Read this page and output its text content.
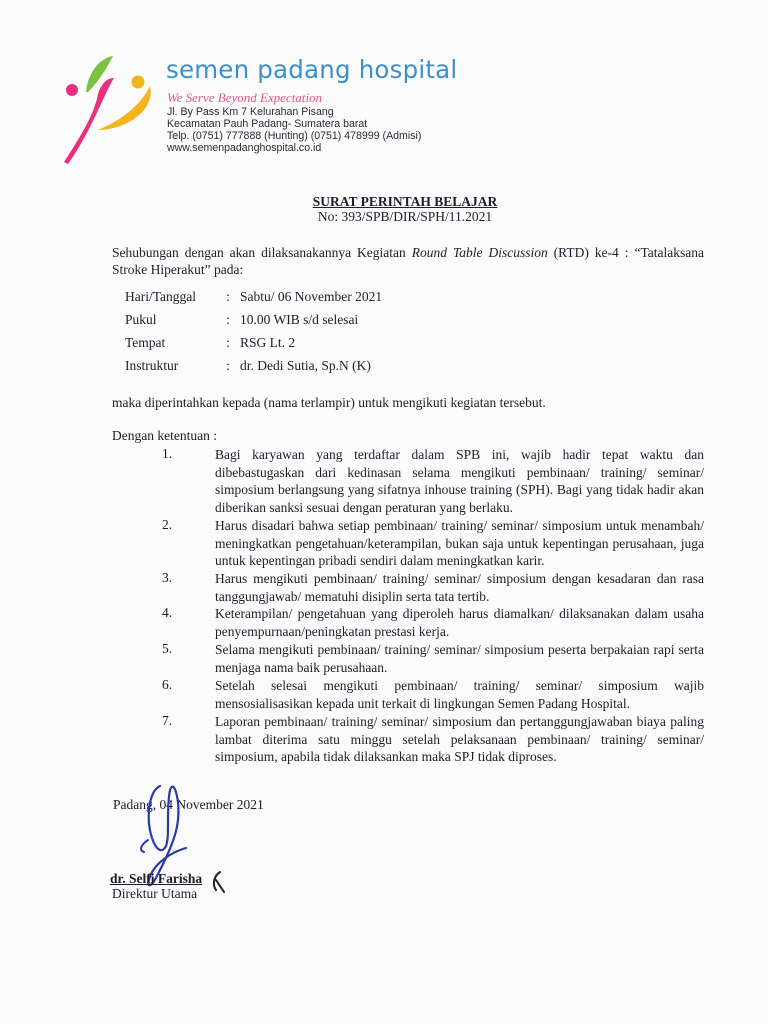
semen padang hospital
We Serve Beyond Expectation
Jl. By Pass Km 7 Kelurahan Pisang
Kecamatan Pauh Padang- Sumatera barat
Telp. (0751) 777888 (Hunting) (0751) 478999 (Admisi)
www.semenpadanghospital.co.id
SURAT PERINTAH BELAJAR
No: 393/SPB/DIR/SPH/11.2021
Sehubungan dengan akan dilaksanakannya Kegiatan Round Table Discussion (RTD) ke-4 : “Tatalaksana Stroke Hiperakut” pada:
Hari/Tanggal : Sabtu/ 06 November 2021
Pukul	: 10.00 WIB s/d selesai
Tempat	: RSG Lt. 2
Instruktur	: dr. Dedi Sutia, Sp.N (K)
maka diperintahkan kepada (nama terlampir) untuk mengikuti kegiatan tersebut.
Dengan ketentuan :
1.	Bagi karyawan yang terdaftar dalam SPB ini, wajib hadir tepat waktu dan dibebastugaskan dari kedinasan selama mengikuti pembinaan/ training/ seminar/ simposium berlangsung yang sifatnya inhouse training (SPH). Bagi yang tidak hadir akan diberikan sanksi sesuai dengan peraturan yang berlaku.
2.	Harus disadari bahwa setiap pembinaan/ training/ seminar/ simposium untuk menambah/ meningkatkan pengetahuan/keterampilan, bukan saja untuk kepentingan perusahaan, juga untuk kepentingan pribadi sendiri dalam meningkatkan karir.
3.	Harus mengikuti pembinaan/ training/ seminar/ simposium dengan kesadaran dan rasa tanggungjawab/ mematuhi disiplin serta tata tertib.
4.	Keterampilan/ pengetahuan yang diperoleh harus diamalkan/ dilaksanakan dalam usaha penyempurnaan/peningkatan prestasi kerja.
5.	Selama mengikuti pembinaan/ training/ seminar/ simposium peserta berpakaian rapi serta menjaga nama baik perusahaan.
6.	Setelah selesai mengikuti pembinaan/ training/ seminar/ simposium wajib mensosialisasikan kepada unit terkait di lingkungan Semen Padang Hospital.
7.	Laporan pembinaan/ training/ seminar/ simposium dan pertanggungjawaban biaya paling lambat diterima satu minggu setelah pelaksanaan pembinaan/ training/ seminar/ simposium, apabila tidak dilaksankan maka SPJ tidak diproses.
Padang, 04 November 2021
dr. Selfi Farisha
Direktur Utama
